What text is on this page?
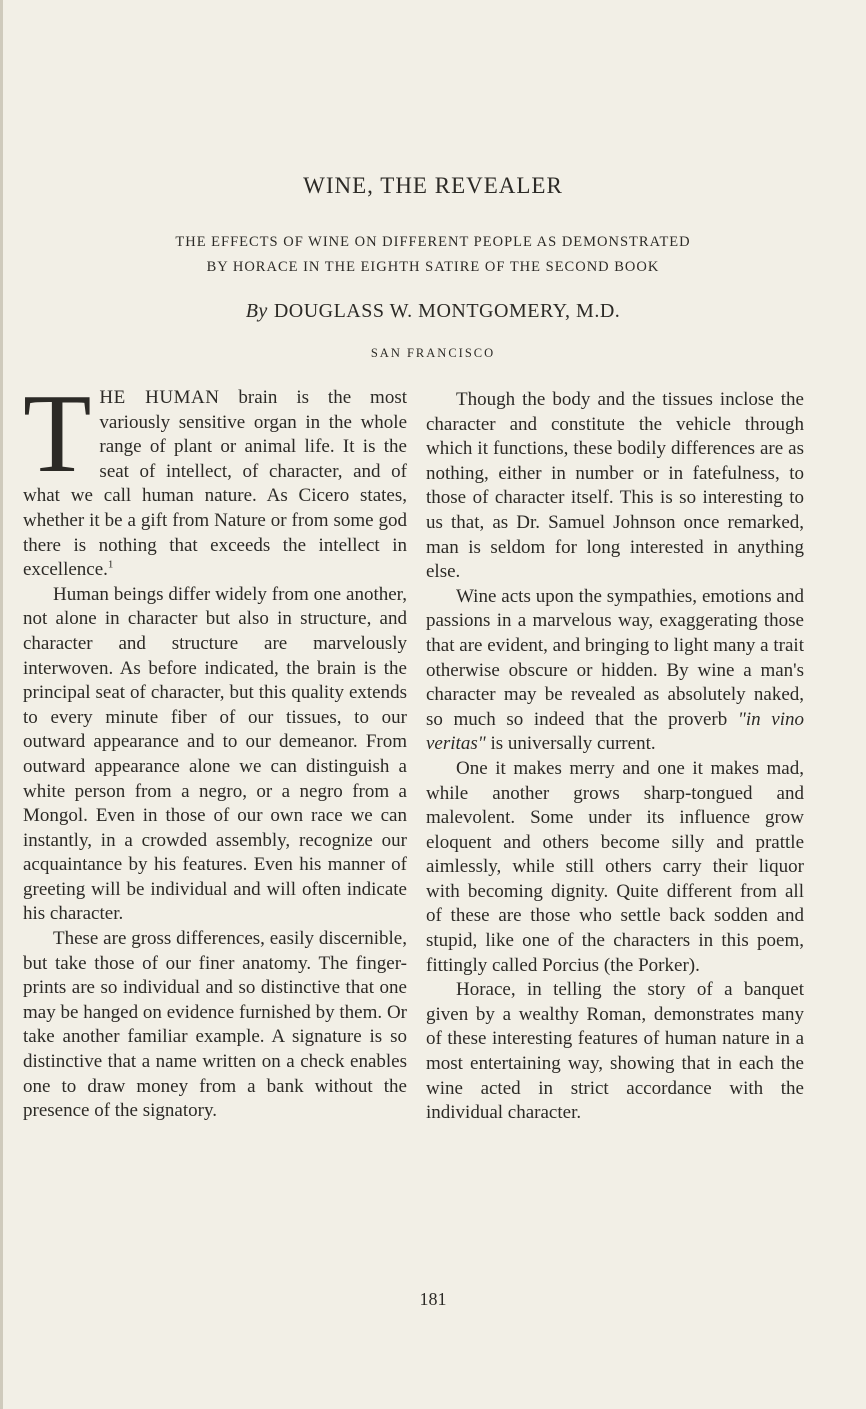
WINE, THE REVEALER
THE EFFECTS OF WINE ON DIFFERENT PEOPLE AS DEMONSTRATED
BY HORACE IN THE EIGHTH SATIRE OF THE SECOND BOOK
By DOUGLASS W. MONTGOMERY, M.D.
SAN FRANCISCO

THE HUMAN brain is the most variously sensitive organ in the whole range of plant or animal life. It is the seat of intellect, of character, and of what we call human nature. As Cicero states, whether it be a gift from Nature or from some god there is nothing that exceeds the intellect in excellence.$^1$

Human beings differ widely from one another, not alone in character but also in structure, and character and structure are marvelously interwoven. As before indicated, the brain is the principal seat of character, but this quality extends to every minute fiber of our tissues, to our outward appearance and to our demeanor. From outward appearance alone we can distinguish a white person from a negro, or a negro from a Mongol. Even in those of our own race we can instantly, in a crowded assembly, recognize our acquaintance by his features. Even his manner of greeting will be individual and will often indicate his character.

These are gross differences, easily discernible, but take those of our finer anatomy. The finger-prints are so individual and so distinctive that one may be hanged on evidence furnished by them. Or take another familiar example. A signature is so distinctive that a name written on a check enables one to draw money from a bank without the presence of the signatory.

Though the body and the tissues inclose the character and constitute the vehicle through which it functions, these bodily differences are as nothing, either in number or in fatefulness, to those of character itself. This is so interesting to us that, as Dr. Samuel Johnson once remarked, man is seldom for long interested in anything else.

Wine acts upon the sympathies, emotions and passions in a marvelous way, exaggerating those that are evident, and bringing to light many a trait otherwise obscure or hidden. By wine a man's character may be revealed as absolutely naked, so much so indeed that the proverb "in vino veritas" is universally current.

One it makes merry and one it makes mad, while another grows sharp-tongued and malevolent. Some under its influence grow eloquent and others become silly and prattle aimlessly, while still others carry their liquor with becoming dignity. Quite different from all of these are those who settle back sodden and stupid, like one of the characters in this poem, fittingly called Porcius (the Porker).

Horace, in telling the story of a banquet given by a wealthy Roman, demonstrates many of these interesting features of human nature in a most entertaining way, showing that in each the wine acted in strict accordance with the individual character.

181
